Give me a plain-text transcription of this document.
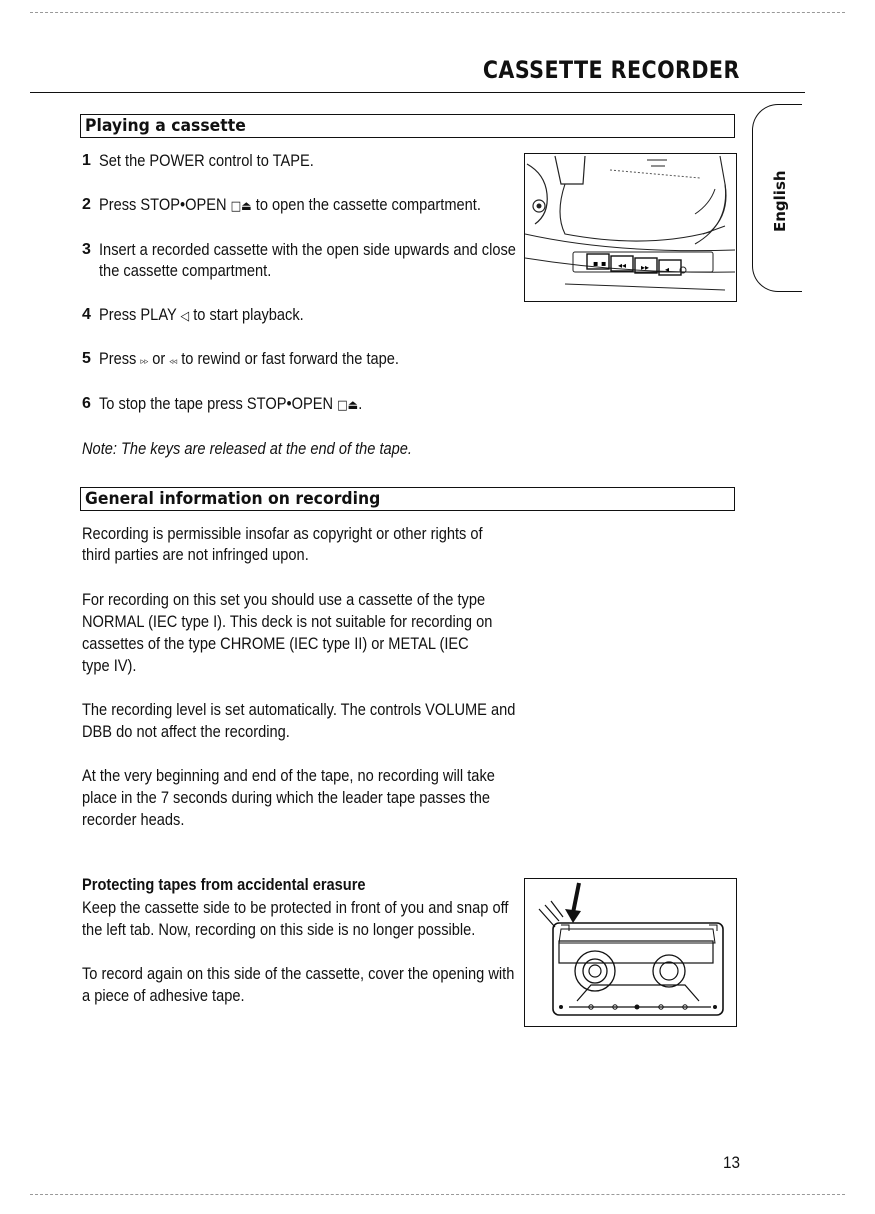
CASSETTE RECORDER
English
Playing a cassette
1 Set the POWER control to TAPE.
2 Press STOP•OPEN □⏏ to open the cassette compartment.
3 Insert a recorded cassette with the open side upwards and close
the cassette compartment.
4 Press PLAY ◁ to start playback.
5 Press ▹▹ or ◃◃ to rewind or fast forward the tape.
6 To stop the tape press STOP•OPEN □⏏.
Note: The keys are released at the end of the tape.
▪ ▪ ◂◂ ▸▸ ◂
General information on recording
Recording is permissible insofar as copyright or other rights of
third parties are not infringed upon.
For recording on this set you should use a cassette of the type
NORMAL (IEC type I). This deck is not suitable for recording on
cassettes of the type CHROME (IEC type II) or METAL (IEC
type IV).
The recording level is set automatically. The controls VOLUME and
DBB do not affect the recording.
At the very beginning and end of the tape, no recording will take
place in the 7 seconds during which the leader tape passes the
recorder heads.
Protecting tapes from accidental erasure
Keep the cassette side to be protected in front of you and snap off
the left tab. Now, recording on this side is no longer possible.
To record again on this side of the cassette, cover the opening with
a piece of adhesive tape.
13
